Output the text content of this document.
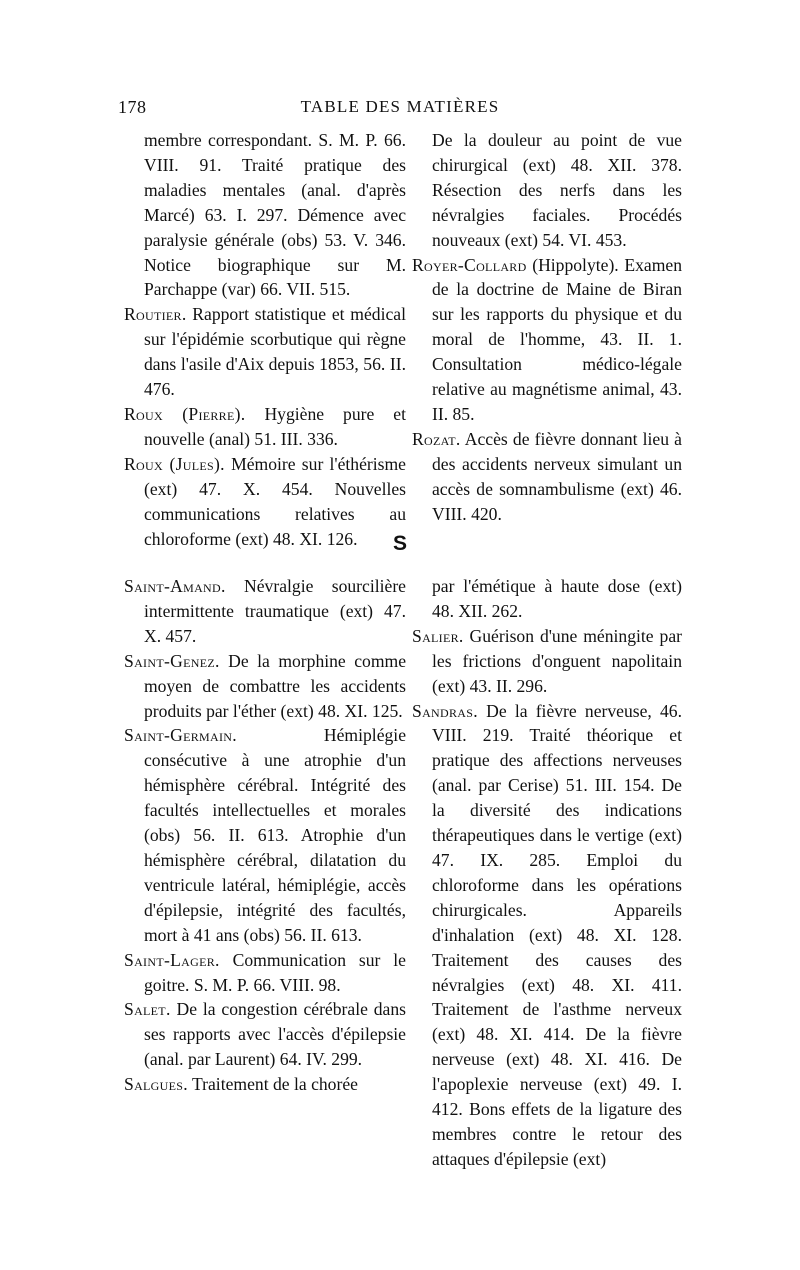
178	TABLE DES MATIÈRES

membre correspondant. S. M. P. 66. VIII. 91. Traité pratique des maladies mentales (anal. d'après Marcé) 63. I. 297. Démence avec paralysie générale (obs) 53. V. 346. Notice biographique sur M. Parchappe (var) 66. VII. 515.

Routier. Rapport statistique et médical sur l'épidémie scorbutique qui règne dans l'asile d'Aix depuis 1853, 56. II. 476.

Roux (Pierre). Hygiène pure et nouvelle (anal) 51. III. 336.

Roux (Jules). Mémoire sur l'éthérisme (ext) 47. X. 454. Nouvelles communications relatives au chloroforme (ext) 48. XI. 126.

De la douleur au point de vue chirurgical (ext) 48. XII. 378. Résection des nerfs dans les névralgies faciales. Procédés nouveaux (ext) 54. VI. 453.

Royer-Collard (Hippolyte). Examen de la doctrine de Maine de Biran sur les rapports du physique et du moral de l'homme, 43. II. 1. Consultation médico-légale relative au magnétisme animal, 43. II. 85.

Rozat. Accès de fièvre donnant lieu à des accidents nerveux simulant un accès de somnambulisme (ext) 46. VIII. 420.

S

Saint-Amand. Névralgie sourcilière intermittente traumatique (ext) 47. X. 457.

Saint-Genez. De la morphine comme moyen de combattre les accidents produits par l'éther (ext) 48. XI. 125.

Saint-Germain.	Hémiplégie consécutive à une atrophie d'un hémisphère cérébral. Intégrité des facultés intellectuelles et morales (obs) 56. II. 613. Atrophie d'un hémisphère cérébral, dilatation du ventricule latéral, hémiplégie, accès d'épilepsie, intégrité des facultés, mort à 41 ans (obs) 56. II. 613.

Saint-Lager. Communication sur le goitre. S. M. P. 66. VIII. 98.

Salet. De la congestion cérébrale dans ses rapports avec l'accès d'épilepsie (anal. par Laurent) 64. IV. 299.

Salgues. Traitement de la chorée

par l'émétique à haute dose (ext) 48. XII. 262.

Salier. Guérison d'une méningite par les frictions d'onguent napolitain (ext) 43. II. 296.

Sandras. De la fièvre nerveuse, 46. VIII. 219. Traité théorique et pratique des affections nerveuses (anal. par Cerise) 51. III. 154. De la diversité des indications thérapeutiques dans le vertige (ext) 47. IX. 285. Emploi du chloroforme dans les opérations chirurgicales. Appareils d'inhalation (ext) 48. XI. 128. Traitement des causes des névralgies (ext) 48. XI. 411. Traitement de l'asthme nerveux (ext) 48. XI. 414. De la fièvre nerveuse (ext) 48. XI. 416. De l'apoplexie nerveuse (ext) 49. I. 412. Bons effets de la ligature des membres contre le retour des attaques d'épilepsie (ext)
